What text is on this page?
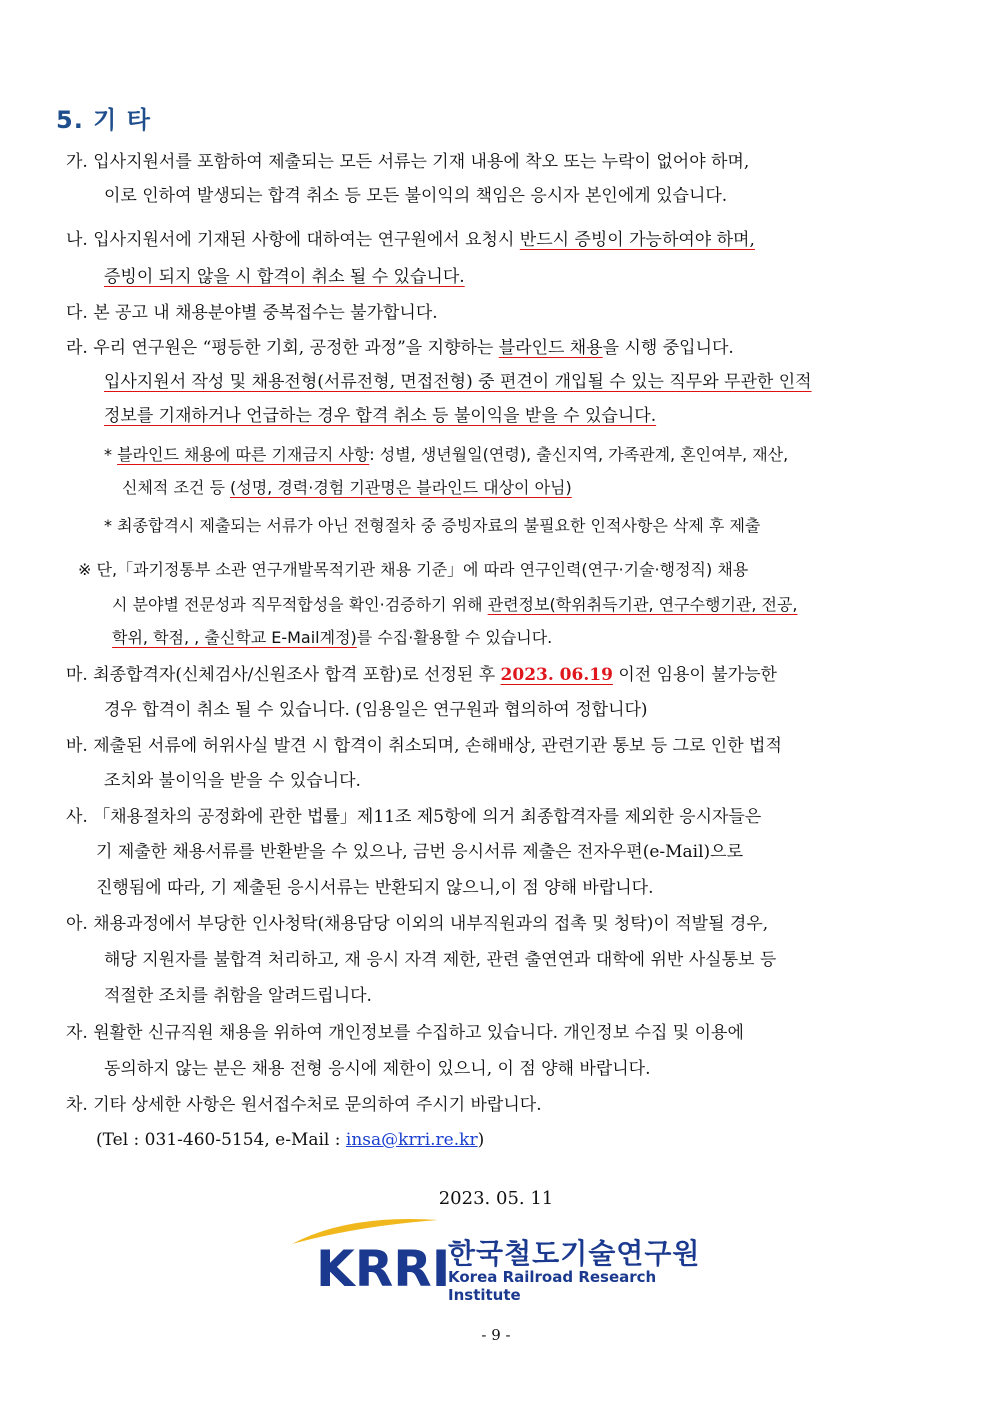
5. 기 타
가. 입사지원서를 포함하여 제출되는 모든 서류는 기재 내용에 착오 또는 누락이 없어야 하며,
이로 인하여 발생되는 합격 취소 등 모든 불이익의 책임은 응시자 본인에게 있습니다.
나. 입사지원서에 기재된 사항에 대하여는 연구원에서 요청시 반드시 증빙이 가능하여야 하며,
증빙이 되지 않을 시 합격이 취소 될 수 있습니다.
다. 본 공고 내 채용분야별 중복접수는 불가합니다.
라. 우리 연구원은 “평등한 기회, 공정한 과정”을 지향하는 블라인드 채용을 시행 중입니다.
입사지원서 작성 및 채용전형(서류전형, 면접전형) 중 편견이 개입될 수 있는 직무와 무관한 인적
정보를 기재하거나 언급하는 경우 합격 취소 등 불이익을 받을 수 있습니다.
* 블라인드 채용에 따른 기재금지 사항: 성별, 생년월일(연령), 출신지역, 가족관계, 혼인여부, 재산,
신체적 조건 등 (성명, 경력·경험 기관명은 블라인드 대상이 아님)
* 최종합격시 제출되는 서류가 아닌 전형절차 중 증빙자료의 불필요한 인적사항은 삭제 후 제출
※ 단,「과기정통부 소관 연구개발목적기관 채용 기준」에 따라 연구인력(연구·기술·행정직) 채용
시 분야별 전문성과 직무적합성을 확인·검증하기 위해 관련정보(학위취득기관, 연구수행기관, 전공,
학위, 학점, , 출신학교 E-Mail계정)를 수집·활용할 수 있습니다.
마. 최종합격자(신체검사/신원조사 합격 포함)로 선정된 후 2023. 06.19 이전 임용이 불가능한
경우 합격이 취소 될 수 있습니다. (임용일은 연구원과 협의하여 정합니다)
바. 제출된 서류에 허위사실 발견 시 합격이 취소되며, 손해배상, 관련기관 통보 등 그로 인한 법적
조치와 불이익을 받을 수 있습니다.
사. 「채용절차의 공정화에 관한 법률」제11조 제5항에 의거 최종합격자를 제외한 응시자들은
기 제출한 채용서류를 반환받을 수 있으나, 금번 응시서류 제출은 전자우편(e-Mail)으로
진행됨에 따라, 기 제출된 응시서류는 반환되지 않으니,이 점 양해 바랍니다.
아. 채용과정에서 부당한 인사청탁(채용담당 이외의 내부직원과의 접촉 및 청탁)이 적발될 경우,
해당 지원자를 불합격 처리하고, 재 응시 자격 제한, 관련 출연연과 대학에 위반 사실통보 등
적절한 조치를 취함을 알려드립니다.
자. 원활한 신규직원 채용을 위하여 개인정보를 수집하고 있습니다. 개인정보 수집 및 이용에
동의하지 않는 분은 채용 전형 응시에 제한이 있으니, 이 점 양해 바랍니다.
차. 기타 상세한 사항은 원서접수처로 문의하여 주시기 바랍니다.
(Tel : 031-460-5154, e-Mail : insa@krri.re.kr)
2023. 05. 11
KRRI
한국철도기술연구원
Korea Railroad Research Institute
- 9 -
